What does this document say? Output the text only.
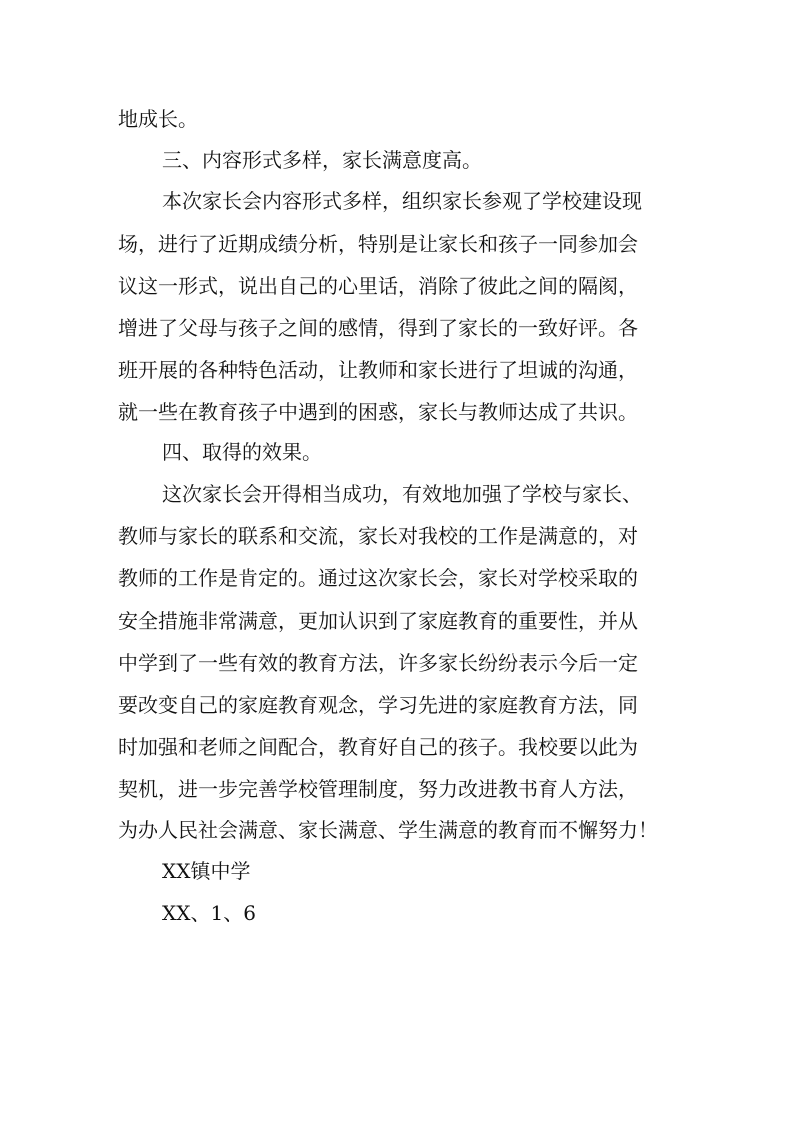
地成长。
三、内容形式多样，家长满意度高。
本次家长会内容形式多样，组织家长参观了学校建设现
场，进行了近期成绩分析，特别是让家长和孩子一同参加会
议这一形式，说出自己的心里话，消除了彼此之间的隔阂，
增进了父母与孩子之间的感情，得到了家长的一致好评。各
班开展的各种特色活动，让教师和家长进行了坦诚的沟通，
就一些在教育孩子中遇到的困惑，家长与教师达成了共识。
四、取得的效果。
这次家长会开得相当成功，有效地加强了学校与家长、
教师与家长的联系和交流，家长对我校的工作是满意的，对
教师的工作是肯定的。通过这次家长会，家长对学校采取的
安全措施非常满意，更加认识到了家庭教育的重要性，并从
中学到了一些有效的教育方法，许多家长纷纷表示今后一定
要改变自己的家庭教育观念，学习先进的家庭教育方法，同
时加强和老师之间配合，教育好自己的孩子。我校要以此为
契机，进一步完善学校管理制度，努力改进教书育人方法，
为办人民社会满意、家长满意、学生满意的教育而不懈努力！
XX镇中学
XX、1、6
